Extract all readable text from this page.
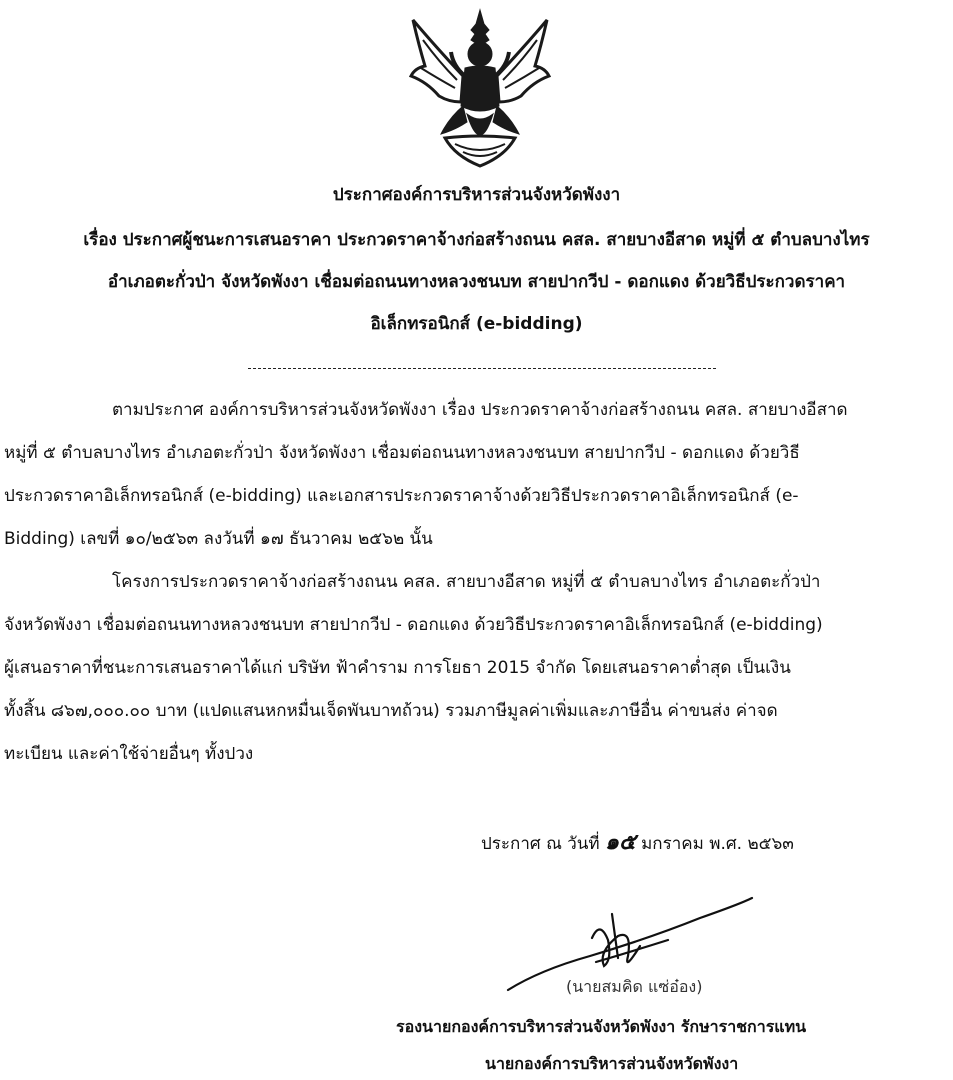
ประกาศองค์การบริหารส่วนจังหวัดพังงา
เรื่อง ประกาศผู้ชนะการเสนอราคา ประกวดราคาจ้างก่อสร้างถนน คสล. สายบางอีสาด หมู่ที่ ๕ ตำบลบางไทร
อำเภอตะกั่วป่า จังหวัดพังงา เชื่อมต่อถนนทางหลวงชนบท สายปากวีป - ดอกแดง ด้วยวิธีประกวดราคา
อิเล็กทรอนิกส์ (e-bidding)
ตามประกาศ องค์การบริหารส่วนจังหวัดพังงา เรื่อง ประกวดราคาจ้างก่อสร้างถนน คสล. สายบางอีสาด
หมู่ที่ ๕ ตำบลบางไทร อำเภอตะกั่วป่า จังหวัดพังงา เชื่อมต่อถนนทางหลวงชนบท สายปากวีป - ดอกแดง ด้วยวิธี
ประกวดราคาอิเล็กทรอนิกส์ (e-bidding) และเอกสารประกวดราคาจ้างด้วยวิธีประกวดราคาอิเล็กทรอนิกส์ (e-
Bidding) เลขที่ ๑๐/๒๕๖๓ ลงวันที่ ๑๗ ธันวาคม ๒๕๖๒ นั้น
โครงการประกวดราคาจ้างก่อสร้างถนน คสล. สายบางอีสาด หมู่ที่ ๕ ตำบลบางไทร อำเภอตะกั่วป่า
จังหวัดพังงา เชื่อมต่อถนนทางหลวงชนบท สายปากวีป - ดอกแดง ด้วยวิธีประกวดราคาอิเล็กทรอนิกส์ (e-bidding)
ผู้เสนอราคาที่ชนะการเสนอราคาได้แก่ บริษัท ฟ้าคำราม การโยธา 2015 จำกัด โดยเสนอราคาต่ำสุด เป็นเงิน
ทั้งสิ้น ๘๖๗,๐๐๐.๐๐ บาท (แปดแสนหกหมื่นเจ็ดพันบาทถ้วน) รวมภาษีมูลค่าเพิ่มและภาษีอื่น ค่าขนส่ง ค่าจด
ทะเบียน และค่าใช้จ่ายอื่นๆ ทั้งปวง
ประกาศ ณ วันที่ ๑๕ มกราคม พ.ศ. ๒๕๖๓
(นายสมคิด แซ่อ๋อง)
รองนายกองค์การบริหารส่วนจังหวัดพังงา รักษาราชการแทน
นายกองค์การบริหารส่วนจังหวัดพังงา
